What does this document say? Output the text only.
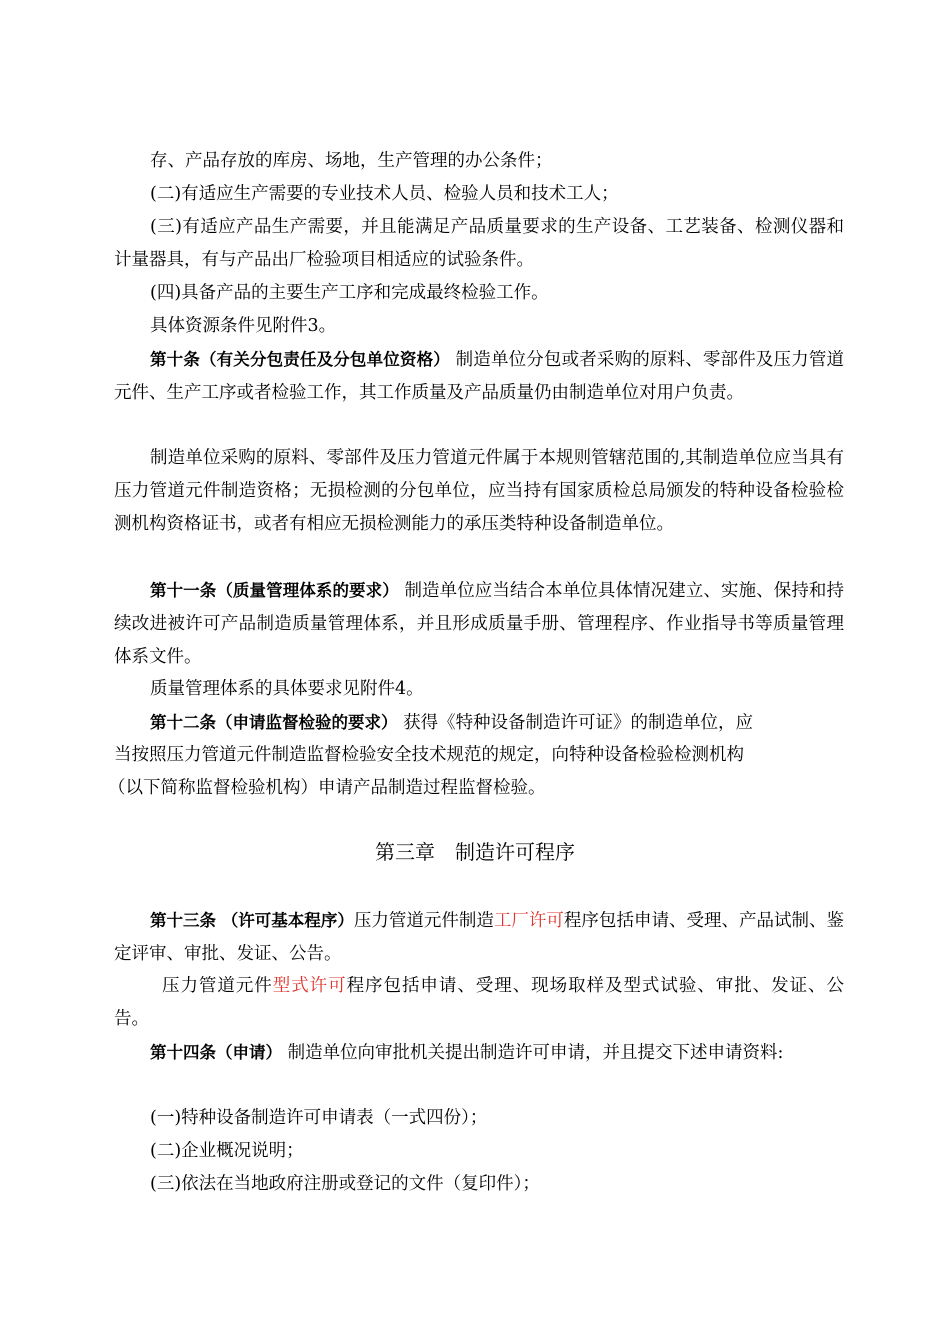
存、产品存放的库房、场地，生产管理的办公条件；

(二)有适应生产需要的专业技术人员、检验人员和技术工人；

(三)有适应产品生产需要，并且能满足产品质量要求的生产设备、工艺装备、检测仪器和计量器具，有与产品出厂检验项目相适应的试验条件。

(四)具备产品的主要生产工序和完成最终检验工作。

具体资源条件见附件3。

第十条（有关分包责任及分包单位资格） 制造单位分包或者采购的原料、零部件及压力管道元件、生产工序或者检验工作，其工作质量及产品质量仍由制造单位对用户负责。

制造单位采购的原料、零部件及压力管道元件属于本规则管辖范围的,其制造单位应当具有压力管道元件制造资格；无损检测的分包单位，应当持有国家质检总局颁发的特种设备检验检测机构资格证书，或者有相应无损检测能力的承压类特种设备制造单位。

第十一条（质量管理体系的要求） 制造单位应当结合本单位具体情况建立、实施、保持和持续改进被许可产品制造质量管理体系，并且形成质量手册、管理程序、作业指导书等质量管理体系文件。

质量管理体系的具体要求见附件4。

第十二条（申请监督检验的要求） 获得《特种设备制造许可证》的制造单位，应

当按照压力管道元件制造监督检验安全技术规范的规定，向特种设备检验检测机构

（以下简称监督检验机构）申请产品制造过程监督检验。

第三章　制造许可程序

第十三条 （许可基本程序）压力管道元件制造工厂许可程序包括申请、受理、产品试制、鉴定评审、审批、发证、公告。

压力管道元件型式许可程序包括申请、受理、现场取样及型式试验、审批、发证、公告。

第十四条（申请） 制造单位向审批机关提出制造许可申请，并且提交下述申请资料:

(一)特种设备制造许可申请表（一式四份）；

(二)企业概况说明；

(三)依法在当地政府注册或登记的文件（复印件）；
